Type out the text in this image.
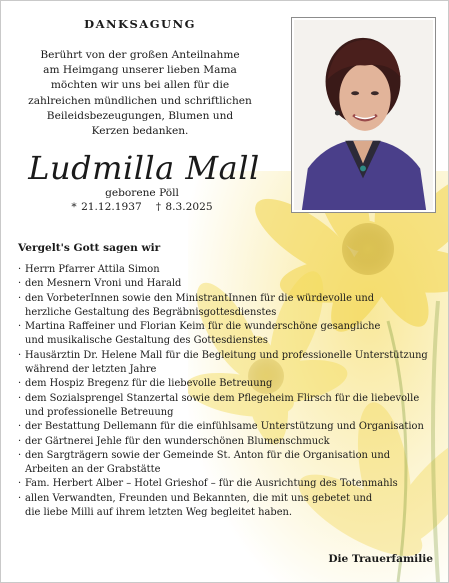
DANKSAGUNG
Berührt von der großen Anteilnahme
am Heimgang unserer lieben Mama
möchten wir uns bei allen für die
zahlreichen mündlichen und schriftlichen
Beileidsbezeugungen, Blumen und
Kerzen bedanken.
Ludmilla Mall
geborene Pöll
* 21.12.1937 † 8.3.2025
Vergelt's Gott sagen wir
· Herrn Pfarrer Attila Simon
· den Mesnern Vroni und Harald
· den VorbeterInnen sowie den MinistrantInnen für die würdevolle und
herzliche Gestaltung des Begräbnisgottesdienstes
· Martina Raffeiner und Florian Keim für die wunderschöne gesangliche
und musikalische Gestaltung des Gottesdienstes
· Hausärztin Dr. Helene Mall für die Begleitung und professionelle Unterstützung
während der letzten Jahre
· dem Hospiz Bregenz für die liebevolle Betreuung
· dem Sozialsprengel Stanzertal sowie dem Pflegeheim Flirsch für die liebevolle
und professionelle Betreuung
· der Bestattung Dellemann für die einfühlsame Unterstützung und Organisation
· der Gärtnerei Jehle für den wunderschönen Blumenschmuck
· den Sargträgern sowie der Gemeinde St. Anton für die Organisation und
Arbeiten an der Grabstätte
· Fam. Herbert Alber – Hotel Grieshof – für die Ausrichtung des Totenmahls
· allen Verwandten, Freunden und Bekannten, die mit uns gebetet und
die liebe Milli auf ihrem letzten Weg begleitet haben.
Die Trauerfamilie
